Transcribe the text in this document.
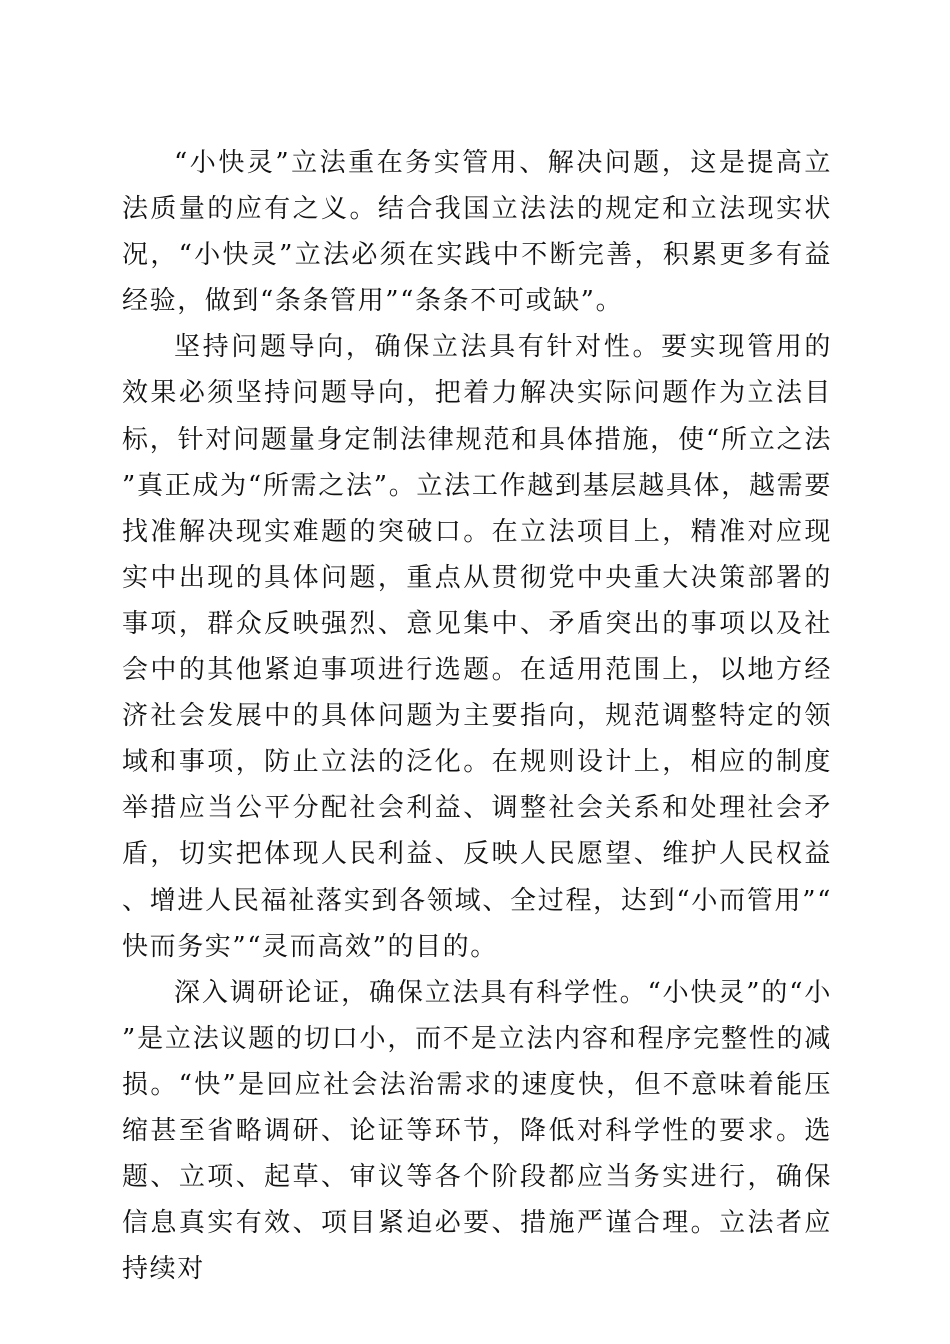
“小快灵”立法重在务实管用、解决问题，这是提高立法质量的应有之义。结合我国立法法的规定和立法现实状况，“小快灵”立法必须在实践中不断完善，积累更多有益经验，做到“条条管用”“条条不可或缺”。

坚持问题导向，确保立法具有针对性。要实现管用的效果必须坚持问题导向，把着力解决实际问题作为立法目标，针对问题量身定制法律规范和具体措施，使“所立之法”真正成为“所需之法”。立法工作越到基层越具体，越需要找准解决现实难题的突破口。在立法项目上，精准对应现实中出现的具体问题，重点从贯彻党中央重大决策部署的事项，群众反映强烈、意见集中、矛盾突出的事项以及社会中的其他紧迫事项进行选题。在适用范围上，以地方经济社会发展中的具体问题为主要指向，规范调整特定的领域和事项，防止立法的泛化。在规则设计上，相应的制度举措应当公平分配社会利益、调整社会关系和处理社会矛盾，切实把体现人民利益、反映人民愿望、维护人民权益、增进人民福祉落实到各领域、全过程，达到“小而管用”“快而务实”“灵而高效”的目的。

深入调研论证，确保立法具有科学性。“小快灵”的“小”是立法议题的切口小，而不是立法内容和程序完整性的减损。“快”是回应社会法治需求的速度快，但不意味着能压缩甚至省略调研、论证等环节，降低对科学性的要求。选题、立项、起草、审议等各个阶段都应当务实进行，确保信息真实有效、项目紧迫必要、措施严谨合理。立法者应持续对
